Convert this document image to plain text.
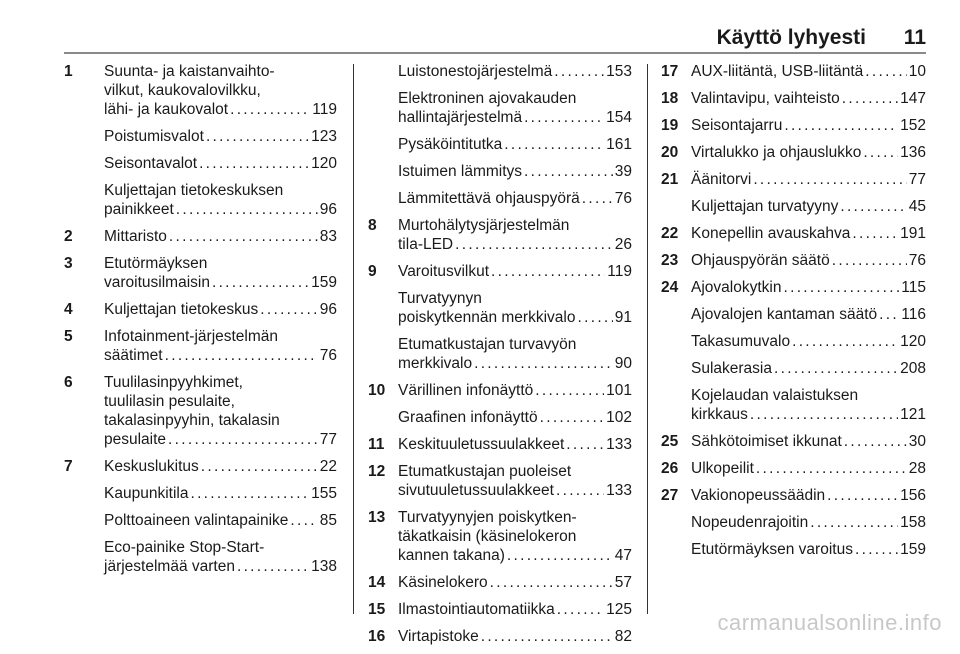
Käyttö lyhyesti 11
1 Suunta- ja kaistanvaihto-
vilkut, kaukovalovilkku,
lähi- ja kaukovalot . . .	119
Poistumisvalot . . .	123
Seisontavalot . . .	120
Kuljettajan tietokeskuksen
painikkeet . . .	96
2 Mittaristo . . .	83
3 Etutörmäyksen
varoitusilmaisin . . .	159
4 Kuljettajan tietokeskus . . .	96
5 Infotainment-järjestelmän
säätimet . . .	76
6 Tuulilasinpyyhkimet,
tuulilasin pesulaite,
takalasinpyyhin, takalasin
pesulaite . . .	77
7 Keskuslukitus . . .	22
Kaupunkitila . . .	155
Polttoaineen valintapainike . . . 85
Eco-painike Stop-Start-
järjestelmää varten . . .	138
Luistonestojärjestelmä . . .	153
Elektroninen ajovakauden
hallintajärjestelmä . . .	154
Pysäköintitutka . . .	161
Istuimen lämmitys . . .	39
Lämmitettävä ohjauspyörä . . . 76
8 Murtohälytysjärjestelmän
tila-LED . . .	26
9 Varoitusvilkut . . .	119
Turvatyynyn
poiskytkennän merkkivalo . . .	91
Etumatkustajan turvavyön
merkkivalo . . .	90
10 Värillinen infonäyttö . . .	101
Graafinen infonäyttö . . .	102
11 Keskituuletussuulakkeet . . .	133
12 Etumatkustajan puoleiset
sivutuuletussuulakkeet . . .	133
13 Turvatyynyjen poiskytken-
täkatkaisin (käsinelokeron
kannen takana) . . .	47
14 Käsinelokero . . .	57
15 Ilmastointiautomatiikka . . .	125
16 Virtapistoke . . .	82
17 AUX-liitäntä, USB-liitäntä . . .	10
18 Valintavipu, vaihteisto . . .	147
19 Seisontajarru . . .	152
20 Virtalukko ja ohjauslukko . . .	136
21 Äänitorvi . . .	77
Kuljettajan turvatyyny . . .	45
22 Konepellin avauskahva . . .	191
23 Ohjauspyörän säätö . . .	76
24 Ajovalokytkin . . .	115
Ajovalojen kantaman säätö . . . 116
Takasumuvalo . . .	120
Sulakerasia . . .	208
Kojelaudan valaistuksen
kirkkaus . . .	121
25 Sähkötoimiset ikkunat . . .	30
26 Ulkopeilit . . .	28
27 Vakionopeussäädin . . .	156
Nopeudenrajoitin . . .	158
Etutörmäyksen varoitus . . .	159
carmanualsonline.info
